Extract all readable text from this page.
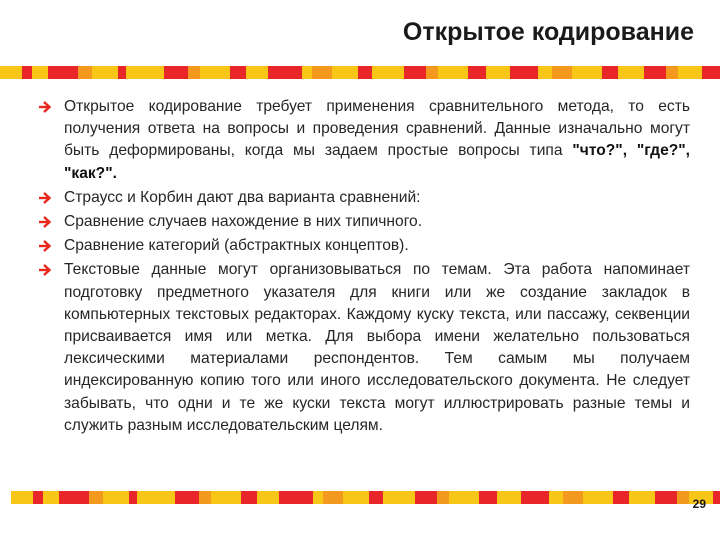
Открытое кодирование
Открытое кодирование требует применения сравнительного метода, то есть получения ответа на вопросы и проведения сравнений. Данные изначально могут быть деформированы, когда мы задаем простые вопросы типа "что?", "где?", "как?".
Страусс и Корбин дают два варианта сравнений:
Сравнение случаев нахождение в них типичного.
Сравнение категорий (абстрактных концептов).
Текстовые данные могут организовываться по темам. Эта работа напоминает подготовку предметного указателя для книги или же создание закладок в компьютерных текстовых редакторах. Каждому куску текста, или пассажу, секвенции присваивается имя или метка. Для выбора имени желательно пользоваться лексическими материалами респондентов. Тем самым мы получаем индексированную копию того или иного исследовательского документа. Не следует забывать, что одни и те же куски текста могут иллюстрировать разные темы и служить разным исследовательским целям.
29
